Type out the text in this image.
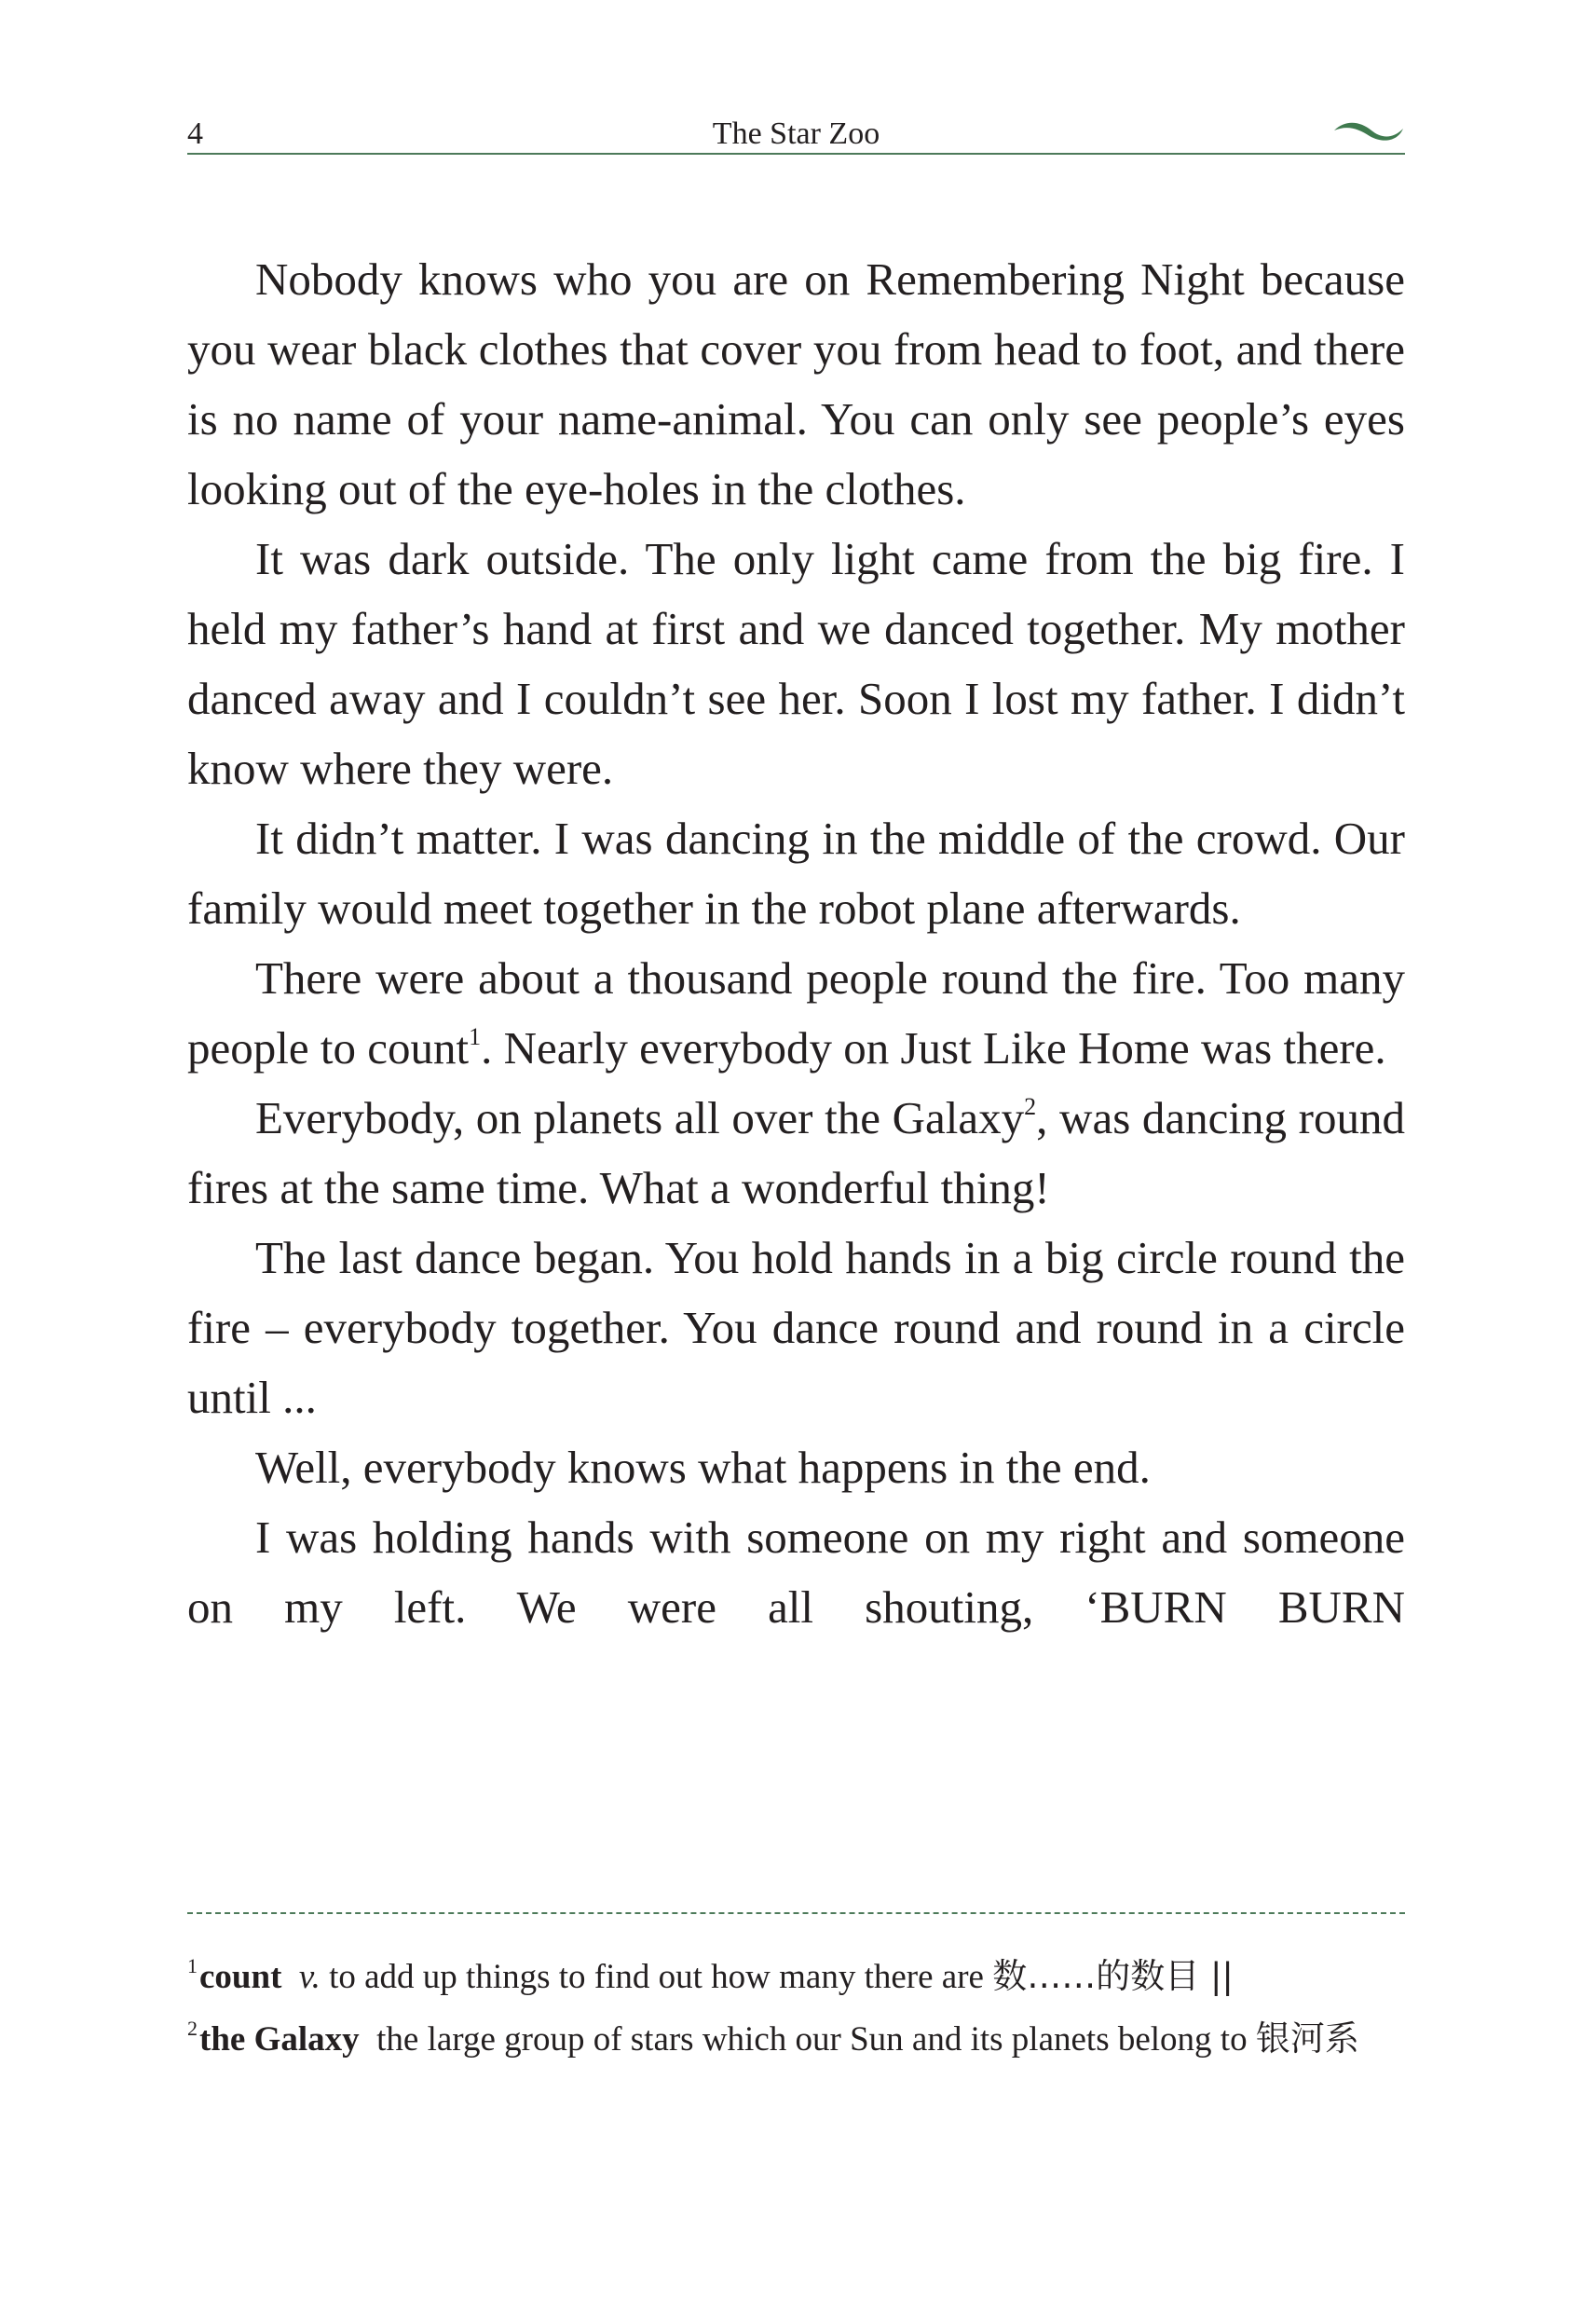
4	The Star Zoo

Nobody knows who you are on Remembering Night because you wear black clothes that cover you from head to foot, and there is no name of your name-animal. You can only see people’s eyes looking out of the eye-holes in the clothes.

It was dark outside. The only light came from the big fire. I held my father’s hand at first and we danced together. My mother danced away and I couldn’t see her. Soon I lost my father. I didn’t know where they were.

It didn’t matter. I was dancing in the middle of the crowd. Our family would meet together in the robot plane afterwards.

There were about a thousand people round the fire. Too many people to count$^1$. Nearly everybody on Just Like Home was there.

Everybody, on planets all over the Galaxy$^2$, was dancing round fires at the same time. What a wonderful thing!

The last dance began. You hold hands in a big circle round the fire – everybody together. You dance round and round in a circle until ...

Well, everybody knows what happens in the end.

I was holding hands with someone on my right and someone on my left. We were all shouting, ‘BURN BURN

$^1$count v. to add up things to find out how many there are 数……的数目 ||

$^2$the Galaxy the large group of stars which our Sun and its planets belong to 银河系
